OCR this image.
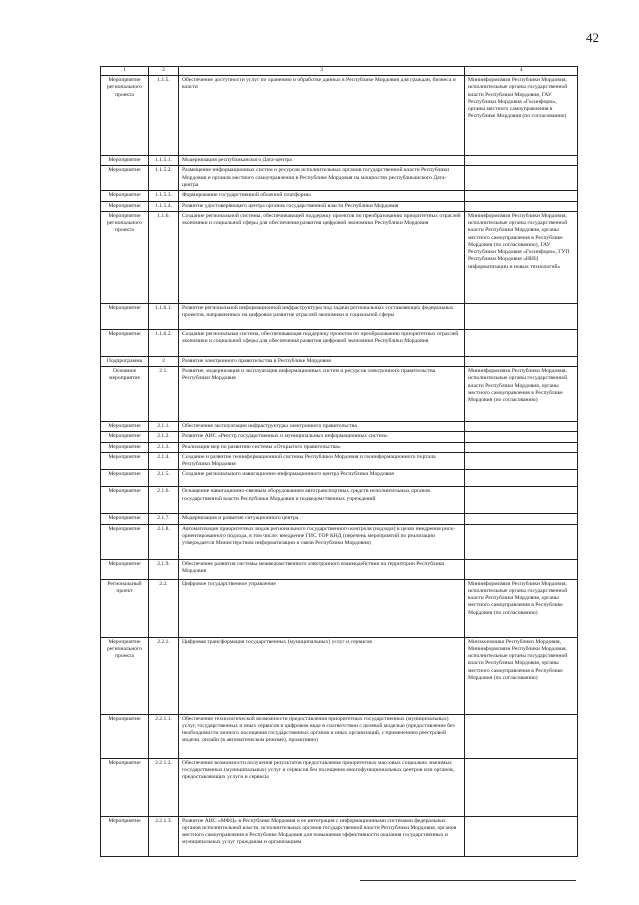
42
1	2	3	4
Мероприятие регионального проекта	1.1.5.	Обеспечение доступности услуг по хранению и обработке данных в Республике Мордовия для граждан, бизнеса и власти	Мининформсвязи Республики Мордовия, исполнительные органы государственной власти Республики Мордовия, ГАУ Республики Мордовия «Госинформ», органы местного самоуправления в Республике Мордовия (по согласованию)
Мероприятие	1.1.5.1.	Модернизация республиканского Дата-центра	
Мероприятие	1.1.5.2.	Размещение информационных систем и ресурсов исполнительных органов государственной власти Республики Мордовия и органов местного самоуправления в Республике Мордовия на мощностях республиканского Дата-центра	
Мероприятие	1.1.5.3.	Формирование государственной облачной платформы	
Мероприятие	1.1.5.4.	Развитие удостоверяющего центра органов государственной власти Республики Мордовия	
Мероприятие регионального проекта	1.1.6.	Создание региональной системы, обеспечивающей поддержку проектов по преобразованию приоритетных отраслей экономики и социальной сферы для обеспечения развития цифровой экономики Республики Мордовия	Мининформсвязи Республики Мордовия, исполнительные органы государственной власти Республики Мордовия, органы местного самоуправления в Республике Мордовия (по согласованию), ГАУ Республики Мордовия «Госинформ», ГУП Республики Мордовия «НИЦ информатизации и новых технологий»
Мероприятие	1.1.6.1.	Развитие региональной информационной инфраструктуры под задачи региональных составляющих федеральных проектов, направленных на цифровое развитие отраслей экономики и социальной сферы	
Мероприятие	1.1.6.2.	Создание региональная система, обеспечивающая поддержку проектов по преобразованию приоритетных отраслей экономики и социальной сферы для обеспечения развития цифровой экономики Республики Мордовия	
Подпрограмма	2	Развитие электронного правительства в Республике Мордовия	
Основное мероприятие	2.1.	Развитие, модернизация и эксплуатация информационных систем и ресурсов электронного правительства Республики Мордовия	Мининформсвязи Республики Мордовия, исполнительные органы государственной власти Республики Мордовия, органы местного самоуправления в Республике Мордовия (по согласованию)
Мероприятие	2.1.1.	Обеспечение эксплуатации инфраструктуры электронного правительства	
Мероприятие	2.1.2.	Развитие АИС «Реестр государственных и муниципальных информационных систем»	
Мероприятие	2.1.3.	Реализация мер по развитию системы «Открытого правительства»	
Мероприятие	2.1.4.	Создание и развитие геоинформационной системы Республики Мордовия и геоинформационного портала Республики Мордовия	
Мероприятие	2.1.5.	Создание регионального навигационно-информационного центра Республики Мордовия	
Мероприятие	2.1.6.	Оснащение навигационно-связным оборудованием автотранспортных средств исполнительных органов государственной власти Республики Мордовия и подведомственных учреждений	
Мероприятие	2.1.7.	Модернизация и развитие ситуационного центра	
Мероприятие	2.1.8.	Автоматизация приоритетных видов регионального государственного контроля (надзора) в целях внедрения риск-ориентированного подхода, в том числе: внедрение ГИС ТОР КНД (перечень мероприятий по реализации утверждается Министерством информатизации и связи Республики Мордовия)	
Мероприятие	2.1.9.	Обеспечение развития системы межведомственного электронного взаимодействия на территории Республики Мордовия	
Региональный проект	2.2.	Цифровое государственное управление	Мининформсвязи Республики Мордовия, исполнительные органы государственной власти Республики Мордовия, органы местного самоуправления в Республике Мордовия (по согласованию)
Мероприятие регионального проекта	2.2.1.	Цифровая трансформация государственных (муниципальных) услуг и сервисов	Минэкономики Республики Мордовия, Мининформсвязи Республики Мордовия, исполнительные органы государственной власти Республики Мордовия, органы местного самоуправления в Республике Мордовия (по согласованию)
Мероприятие	2.2.1.1.	Обеспечение технологической возможности предоставления приоритетных государственных (муниципальных) услуг, государственных и иных сервисов в цифровом виде в соответствии с целевой моделью (предоставление без необходимости личного посещения государственных органов и иных организаций, с применением реестровой модели, онлайн (в автоматическом режиме), проактивно)	
Мероприятие	2.2.1.2.	Обеспечение возможности получения результатов предоставления приоритетных массовых социально значимых государственных (муниципальных) услуг и сервисов без посещения многофункциональных центров или органов, предоставляющих услуги и сервисы	
Мероприятие	2.2.1.3.	Развитие АИС «МФЦ» в Республике Мордовия и ее интеграция с информационными системами федеральных органов исполнительной власти, исполнительных органов государственной власти Республики Мордовия, органов местного самоуправления в Республике Мордовия для повышения эффективности оказания государственных и муниципальных услуг гражданам и организациям	
